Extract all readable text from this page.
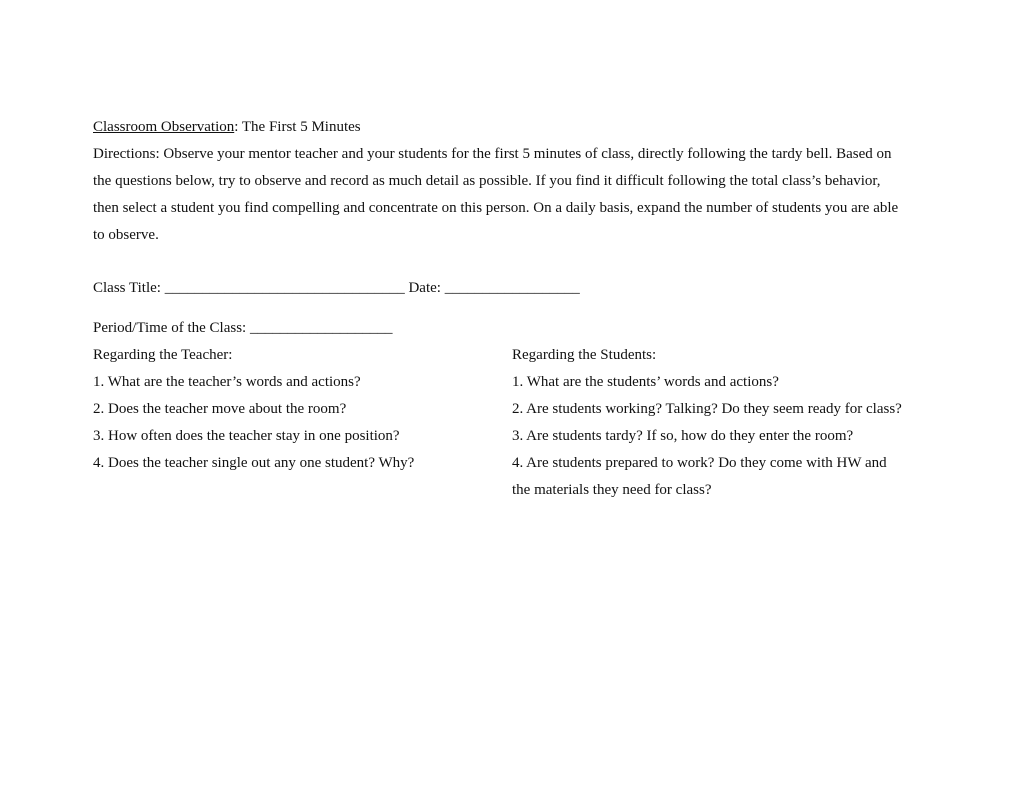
Classroom Observation: The First 5 Minutes
Directions: Observe your mentor teacher and your students for the first 5 minutes of class, directly following the tardy bell. Based on
the questions below, try to observe and record as much detail as possible. If you find it difficult following the total class’s behavior,
then select a student you find compelling and concentrate on this person. On a daily basis, expand the number of students you are able
to observe.
Class Title: ________________________________ Date: __________________
Period/Time of the Class: ___________________
Regarding the Teacher:
1. What are the teacher’s words and actions?
2. Does the teacher move about the room?
3. How often does the teacher stay in one position?
4. Does the teacher single out any one student? Why?
Regarding the Students:
1. What are the students’ words and actions?
2. Are students working? Talking? Do they seem ready for class?
3. Are students tardy? If so, how do they enter the room?
4. Are students prepared to work? Do they come with HW and
the materials they need for class?
